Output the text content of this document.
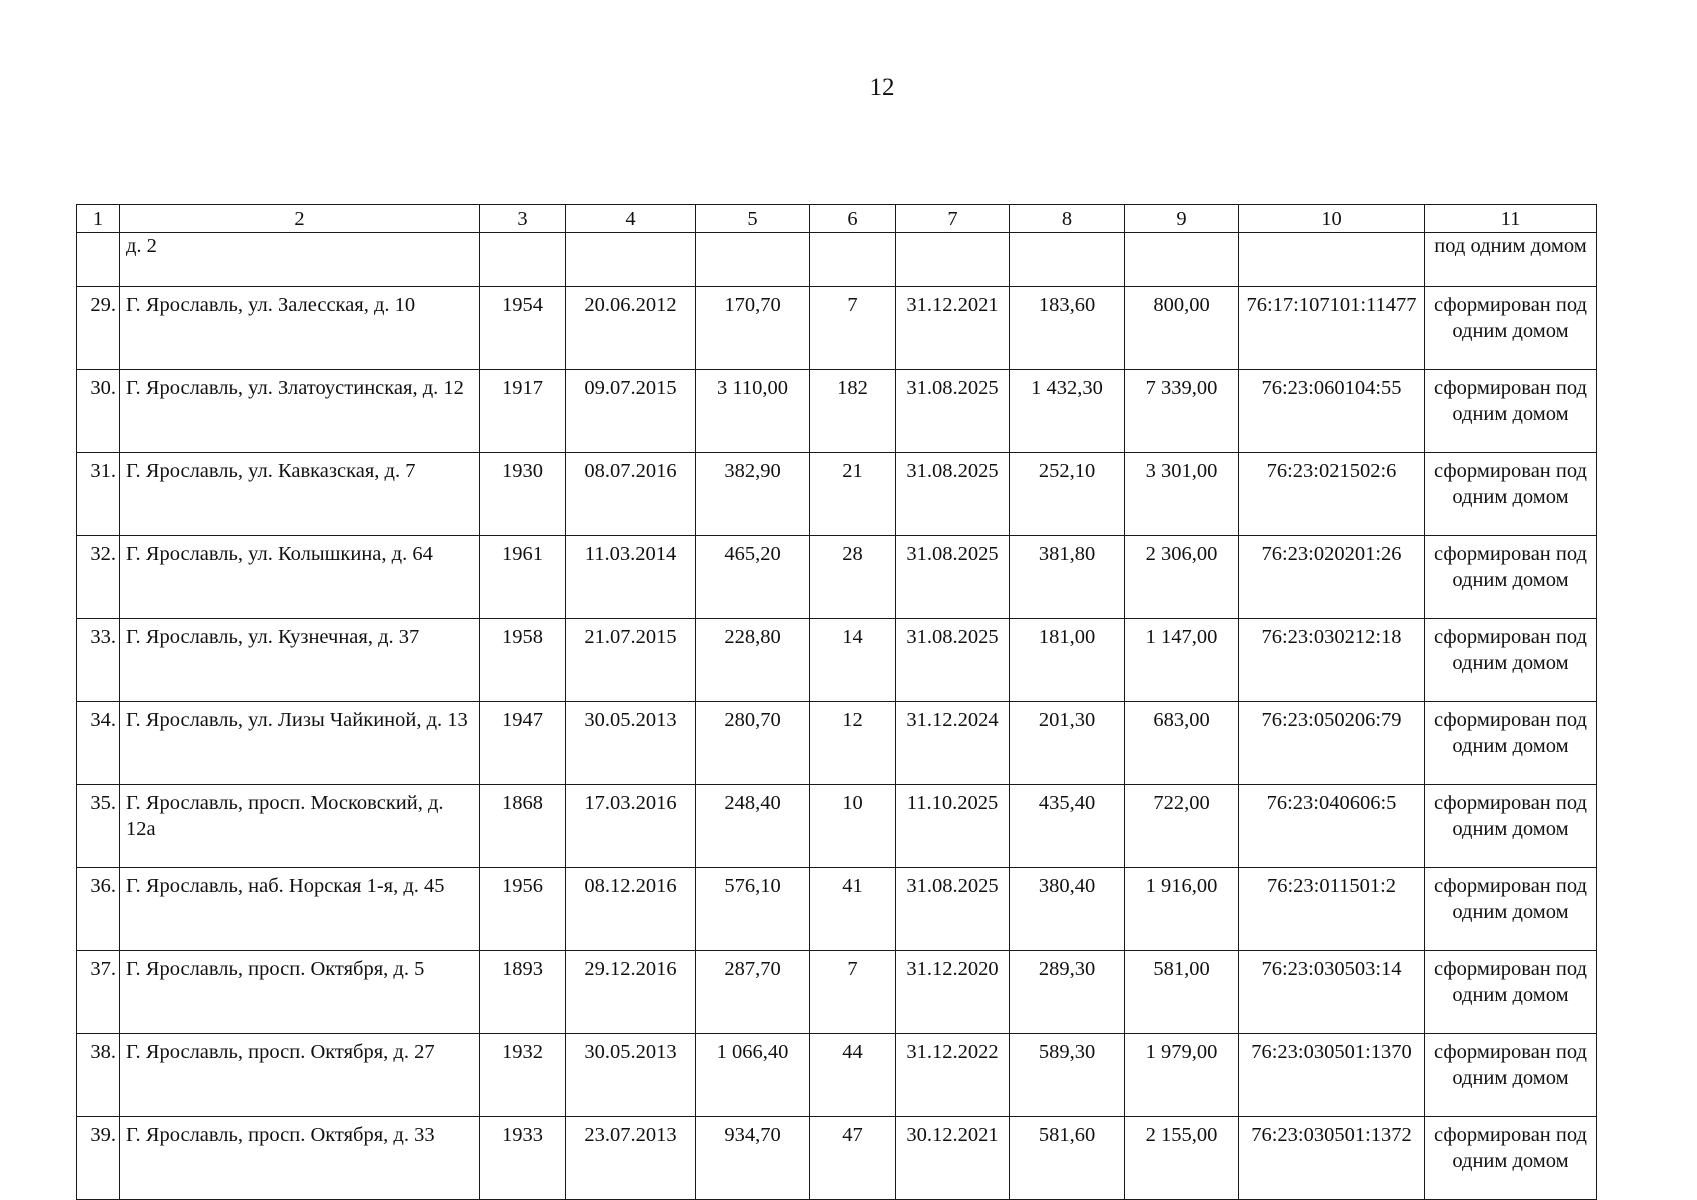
12
1	2	3	4	5	6	7	8	9	10	11
	д. 2									под одним домом
29.	Г. Ярославль, ул. Залесская, д. 10	1954	20.06.2012	170,70	7	31.12.2021	183,60	800,00	76:17:107101:11477	сформирован под одним домом
30.	Г. Ярославль, ул. Златоустинская, д. 12	1917	09.07.2015	3 110,00	182	31.08.2025	1 432,30	7 339,00	76:23:060104:55	сформирован под одним домом
31.	Г. Ярославль, ул. Кавказская, д. 7	1930	08.07.2016	382,90	21	31.08.2025	252,10	3 301,00	76:23:021502:6	сформирован под одним домом
32.	Г. Ярославль, ул. Колышкина, д. 64	1961	11.03.2014	465,20	28	31.08.2025	381,80	2 306,00	76:23:020201:26	сформирован под одним домом
33.	Г. Ярославль, ул. Кузнечная, д. 37	1958	21.07.2015	228,80	14	31.08.2025	181,00	1 147,00	76:23:030212:18	сформирован под одним домом
34.	Г. Ярославль, ул. Лизы Чайкиной, д. 13	1947	30.05.2013	280,70	12	31.12.2024	201,30	683,00	76:23:050206:79	сформирован под одним домом
35.	Г. Ярославль, просп. Московский, д. 12а	1868	17.03.2016	248,40	10	11.10.2025	435,40	722,00	76:23:040606:5	сформирован под одним домом
36.	Г. Ярославль, наб. Норская 1-я, д. 45	1956	08.12.2016	576,10	41	31.08.2025	380,40	1 916,00	76:23:011501:2	сформирован под одним домом
37.	Г. Ярославль, просп. Октября, д. 5	1893	29.12.2016	287,70	7	31.12.2020	289,30	581,00	76:23:030503:14	сформирован под одним домом
38.	Г. Ярославль, просп. Октября, д. 27	1932	30.05.2013	1 066,40	44	31.12.2022	589,30	1 979,00	76:23:030501:1370	сформирован под одним домом
39.	Г. Ярославль, просп. Октября, д. 33	1933	23.07.2013	934,70	47	30.12.2021	581,60	2 155,00	76:23:030501:1372	сформирован под одним домом
